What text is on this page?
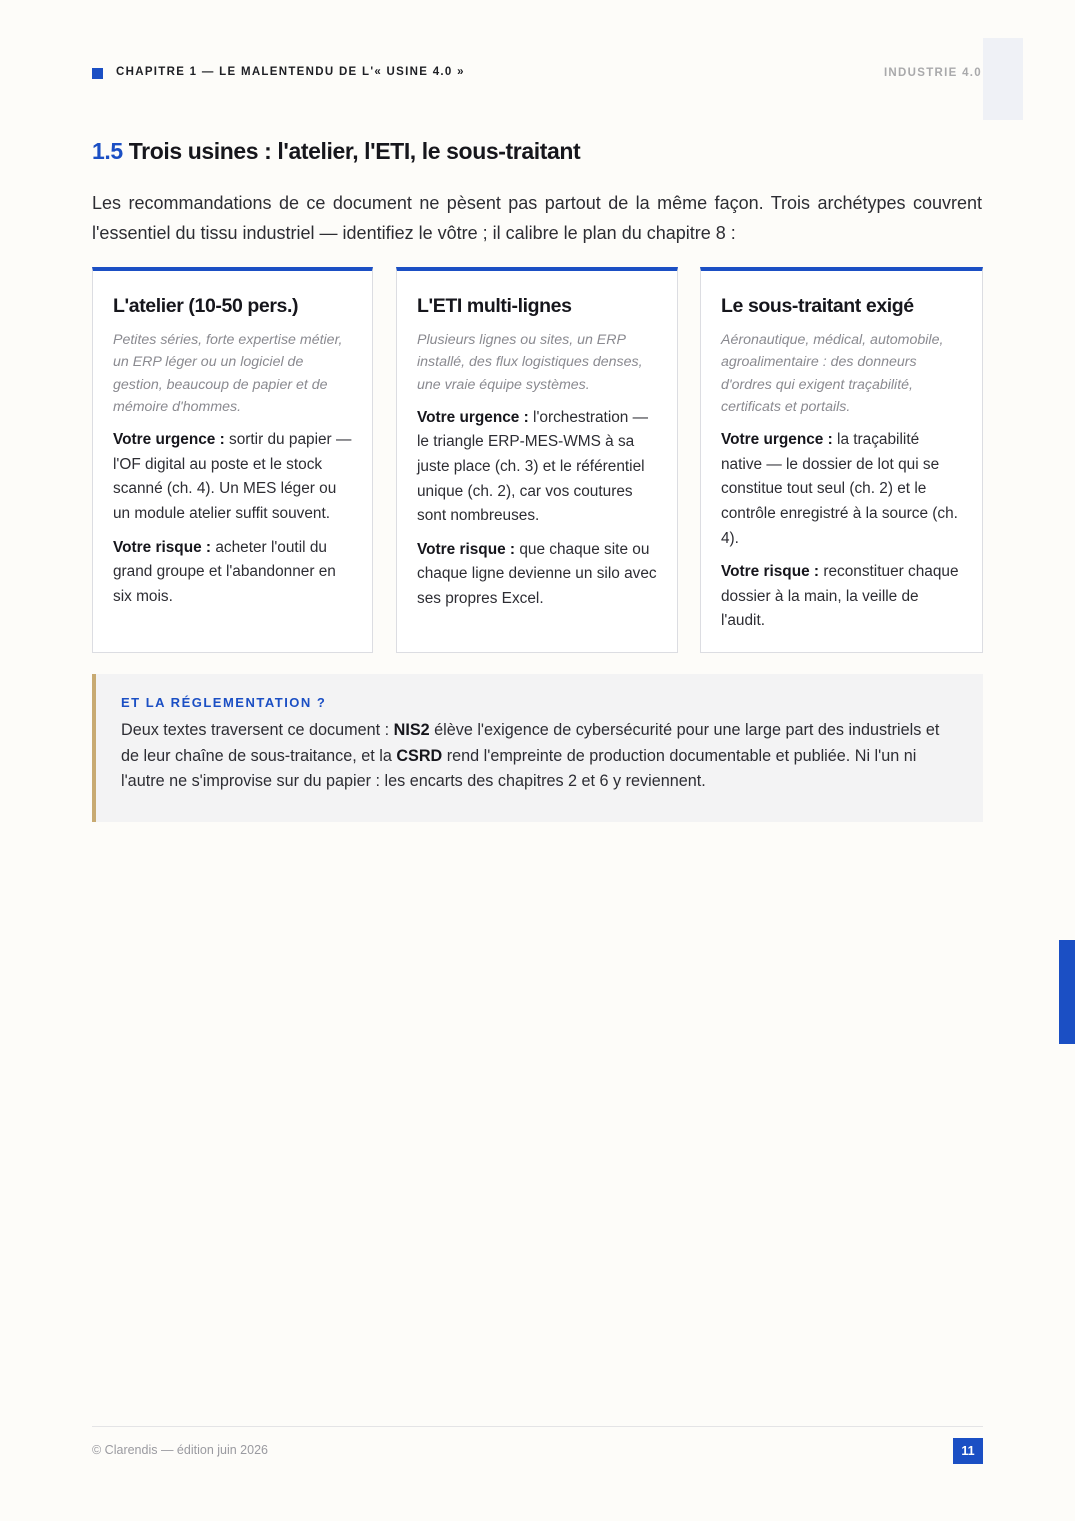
CHAPITRE 1 — LE MALENTENDU DE L'« USINE 4.0 »	INDUSTRIE 4.0
1.5 Trois usines : l'atelier, l'ETI, le sous-traitant

Les recommandations de ce document ne pèsent pas partout de la même façon. Trois archétypes couvrent l'essentiel du tissu industriel — identifiez le vôtre ; il calibre le plan du chapitre 8 :

L'atelier (10-50 pers.)

Petites séries, forte expertise métier, un ERP léger ou un logiciel de gestion, beaucoup de papier et de mémoire d'hommes.

Votre urgence : sortir du papier — l'OF digital au poste et le stock scanné (ch. 4). Un MES léger ou un module atelier suffit souvent.

Votre risque : acheter l'outil du grand groupe et l'abandonner en six mois.

L'ETI multi-lignes

Plusieurs lignes ou sites, un ERP installé, des flux logistiques denses, une vraie équipe systèmes.

Votre urgence : l'orchestration — le triangle ERP-MES-WMS à sa juste place (ch. 3) et le référentiel unique (ch. 2), car vos coutures sont nombreuses.

Votre risque : que chaque site ou chaque ligne devienne un silo avec ses propres Excel.

Le sous-traitant exigé

Aéronautique, médical, automobile, agroalimentaire : des donneurs d'ordres qui exigent traçabilité, certificats et portails.

Votre urgence : la traçabilité native — le dossier de lot qui se constitue tout seul (ch. 2) et le contrôle enregistré à la source (ch. 4).

Votre risque : reconstituer chaque dossier à la main, la veille de l'audit.

ET LA RÉGLEMENTATION ?

Deux textes traversent ce document : NIS2 élève l'exigence de cybersécurité pour une large part des industriels et de leur chaîne de sous-traitance, et la CSRD rend l'empreinte de production documentable et publiée. Ni l'un ni l'autre ne s'improvise sur du papier : les encarts des chapitres 2 et 6 y reviennent.

© Clarendis — édition juin 2026	11
